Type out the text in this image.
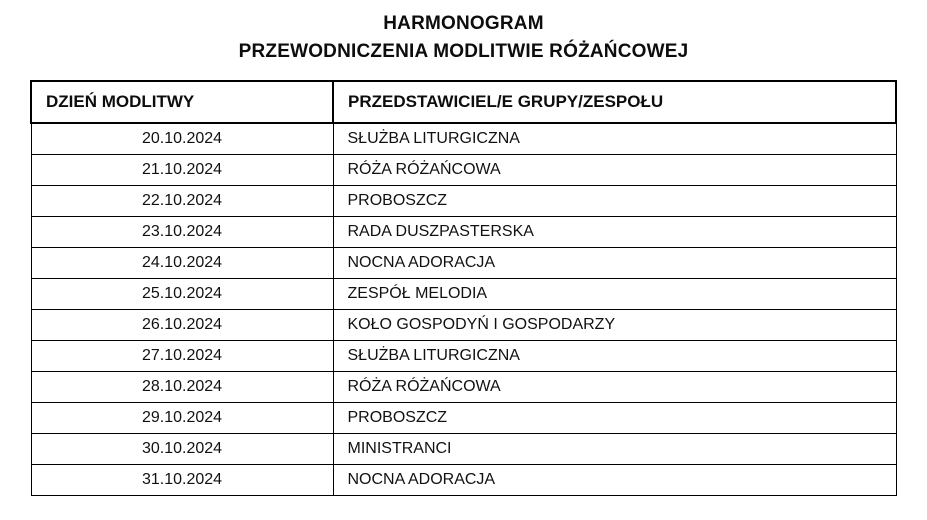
HARMONOGRAM
PRZEWODNICZENIA MODLITWIE RÓŻAŃCOWEJ
DZIEŃ MODLITWY	PRZEDSTAWICIEL/E GRUPY/ZESPOŁU
20.10.2024	SŁUŻBA LITURGICZNA
21.10.2024	RÓŻA RÓŻAŃCOWA
22.10.2024	PROBOSZCZ
23.10.2024	RADA DUSZPASTERSKA
24.10.2024	NOCNA ADORACJA
25.10.2024	ZESPÓŁ MELODIA
26.10.2024	KOŁO GOSPODYŃ I GOSPODARZY
27.10.2024	SŁUŻBA LITURGICZNA
28.10.2024	RÓŻA RÓŻAŃCOWA
29.10.2024	PROBOSZCZ
30.10.2024	MINISTRANCI
31.10.2024	NOCNA ADORACJA
